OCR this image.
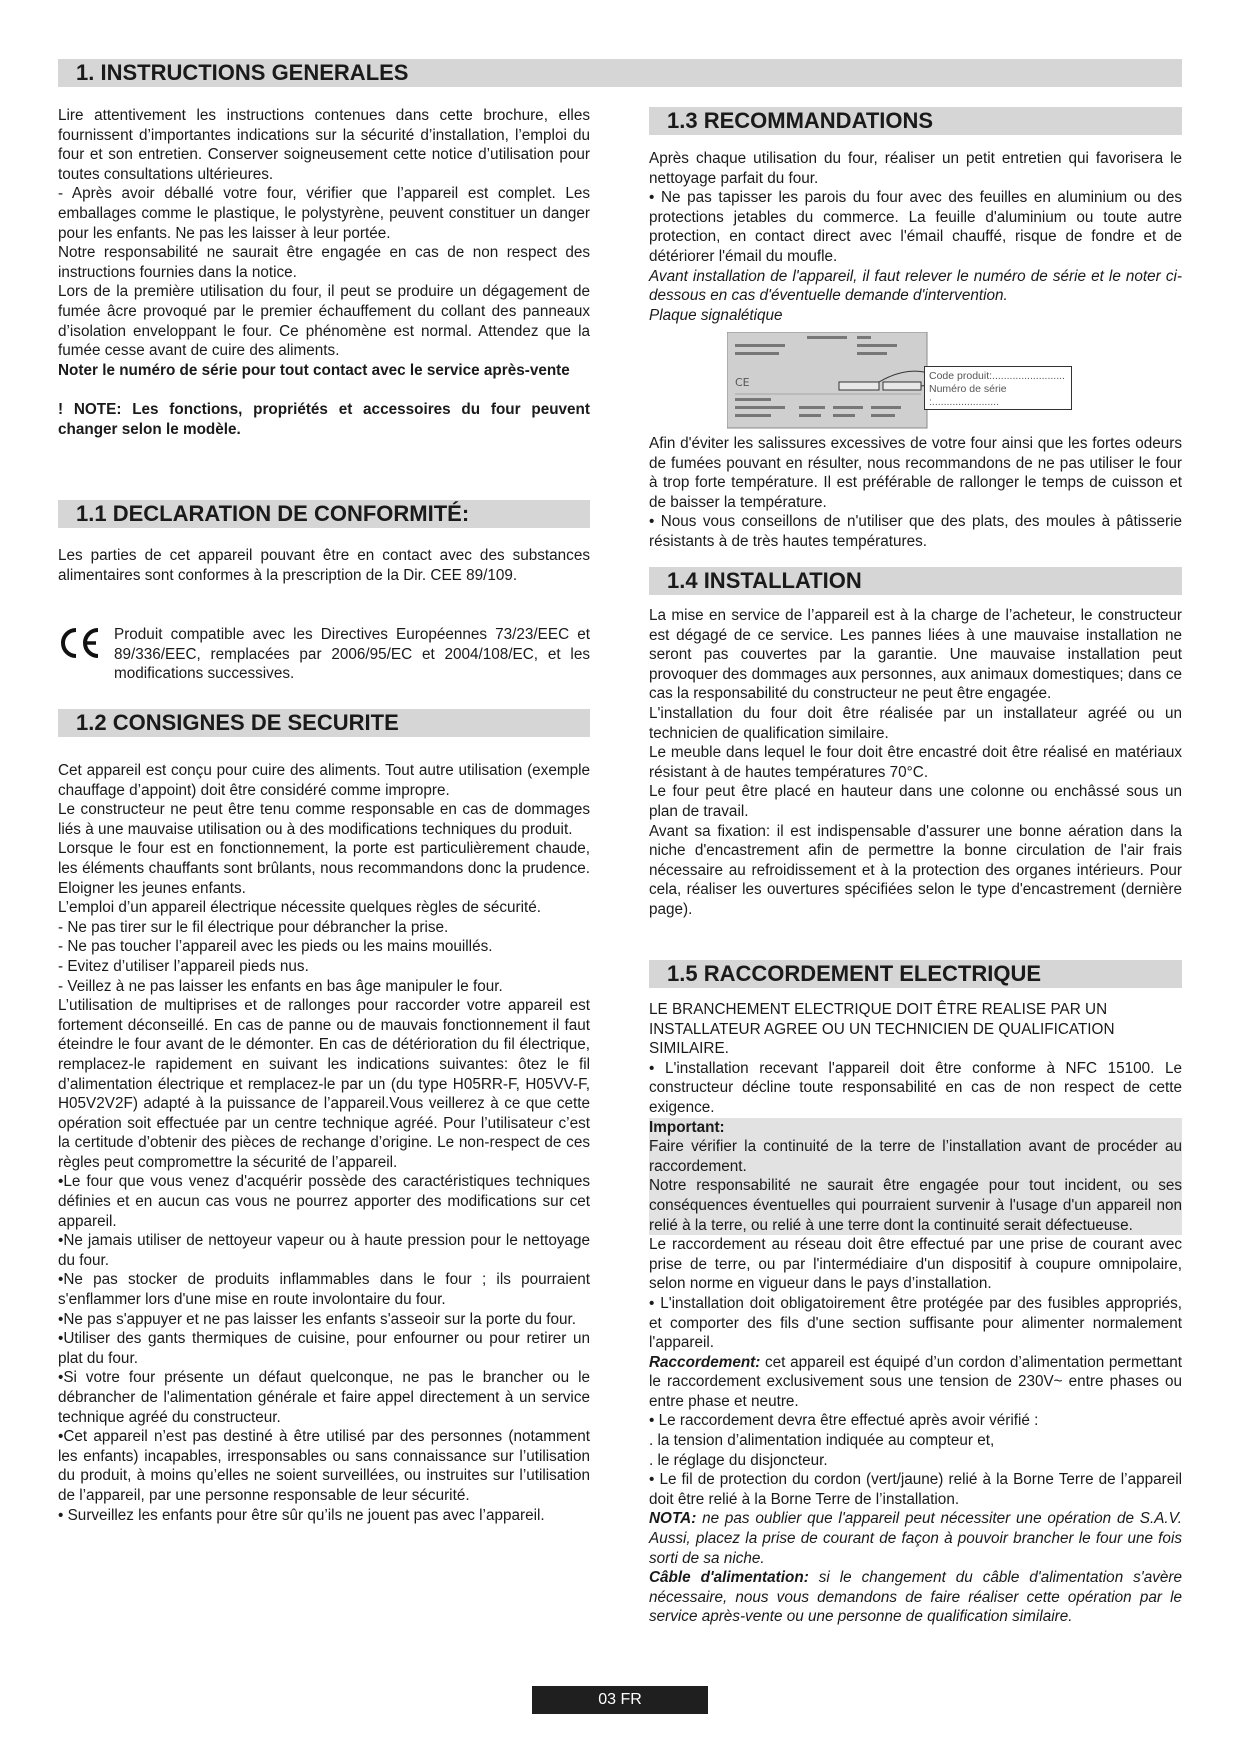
1. INSTRUCTIONS GENERALES
1.1 DECLARATION DE CONFORMITÉ:
1.2 CONSIGNES DE SECURITE
1.3 RECOMMANDATIONS
1.4 INSTALLATION
1.5 RACCORDEMENT ELECTRIQUE

Lire attentivement les instructions contenues dans cette brochure, elles fournissent d’importantes indications sur la sécurité d’installation, l’emploi du four et son entretien. Conserver soigneusement cette notice d’utilisation pour toutes consultations ultérieures.

- Après avoir déballé votre four, vérifier que l’appareil est complet. Les emballages comme le plastique, le polystyrène, peuvent constituer un danger pour les enfants. Ne pas les laisser à leur portée.

Notre responsabilité ne saurait être engagée en cas de non respect des instructions fournies dans la notice.

Lors de la première utilisation du four, il peut se produire un dégagement de fumée âcre provoqué par le premier échauffement du collant des panneaux d’isolation enveloppant le four. Ce phénomène est normal. Attendez que la fumée cesse avant de cuire des aliments.

Noter le numéro de série pour tout contact avec le service après-vente

! NOTE: Les fonctions, propriétés et accessoires du four peuvent changer selon le modèle.

Les parties de cet appareil pouvant être en contact avec des substances alimentaires sont conformes à la prescription de la Dir. CEE 89/109.
Produit compatible avec les Directives Européennes 73/23/EEC et 89/336/EEC, remplacées par 2006/95/EC et 2004/108/EC, et les modifications successives.

Cet appareil est conçu pour cuire des aliments. Tout autre utilisation (exemple chauffage d’appoint) doit être considéré comme impropre.

Le constructeur ne peut être tenu comme responsable en cas de dommages liés à une mauvaise utilisation ou à des modifications techniques du produit.

Lorsque le four est en fonctionnement, la porte est particulièrement chaude, les éléments chauffants sont brûlants, nous recommandons donc la prudence. Eloigner les jeunes enfants.

L’emploi d’un appareil électrique nécessite quelques règles de sécurité.

- Ne pas tirer sur le fil électrique pour débrancher la prise.

- Ne pas toucher l’appareil avec les pieds ou les mains mouillés.

- Evitez d’utiliser l’appareil pieds nus.

- Veillez à ne pas laisser les enfants en bas âge manipuler le four.

L’utilisation de multiprises et de rallonges pour raccorder votre appareil est fortement déconseillé. En cas de panne ou de mauvais fonctionnement il faut éteindre le four avant de le démonter. En cas de détérioration du fil électrique, remplacez-le rapidement en suivant les indications suivantes: ôtez le fil d’alimentation électrique et remplacez-le par un (du type H05RR-F, H05VV-F, H05V2V2F) adapté à la puissance de l’appareil.Vous veillerez à ce que cette opération soit effectuée par un centre technique agréé. Pour l’utilisateur c’est la certitude d’obtenir des pièces de rechange d’origine. Le non-respect de ces règles peut compromettre la sécurité de l’appareil.

•Le four que vous venez d'acquérir possède des caractéristiques techniques définies et en aucun cas vous ne pourrez apporter des modifications sur cet appareil.

•Ne jamais utiliser de nettoyeur vapeur ou à haute pression pour le nettoyage du four.

•Ne pas stocker de produits inflammables dans le four ; ils pourraient s'enflammer lors d'une mise en route involontaire du four.

•Ne pas s'appuyer et ne pas laisser les enfants s'asseoir sur la porte du four.

•Utiliser des gants thermiques de cuisine, pour enfourner ou pour retirer un plat du four.

•Si votre four présente un défaut quelconque, ne pas le brancher ou le débrancher de l'alimentation générale et faire appel directement à un service technique agréé du constructeur.

•Cet appareil n’est pas destiné à être utilisé par des personnes (notamment les enfants) incapables, irresponsables ou sans connaissance sur l’utilisation du produit, à moins qu’elles ne soient surveillées, ou instruites sur l’utilisation de l’appareil, par une personne responsable de leur sécurité.

• Surveillez les enfants pour être sûr qu’ils ne jouent pas avec l’appareil.

Après chaque utilisation du four, réaliser un petit entretien qui favorisera le nettoyage parfait du four.

• Ne pas tapisser les parois du four avec des feuilles en aluminium ou des protections jetables du commerce. La feuille d'aluminium ou toute autre protection, en contact direct avec l'émail chauffé, risque de fondre et de détériorer l'émail du moufle.

Avant installation de l'appareil, il faut relever le numéro de série et le noter ci-dessous en cas d'éventuelle demande d'intervention.

Plaque signalétique

CE	Code produit:.........................
Numéro de série :.......................

Afin d'éviter les salissures excessives de votre four ainsi que les fortes odeurs de fumées pouvant en résulter, nous recommandons de ne pas utiliser le four à trop forte température. Il est préférable de rallonger le temps de cuisson et de baisser la température.

• Nous vous conseillons de n'utiliser que des plats, des moules à pâtisserie résistants à de très hautes températures.

La mise en service de l’appareil est à la charge de l’acheteur, le constructeur est dégagé de ce service. Les pannes liées à une mauvaise installation ne seront pas couvertes par la garantie. Une mauvaise installation peut provoquer des dommages aux personnes, aux animaux domestiques; dans ce cas la responsabilité du constructeur ne peut être engagée.

L'installation du four doit être réalisée par un installateur agréé ou un technicien de qualification similaire.

Le meuble dans lequel le four doit être encastré doit être réalisé en matériaux résistant à de hautes températures 70°C.

Le four peut être placé en hauteur dans une colonne ou enchâssé sous un plan de travail.

Avant sa fixation: il est indispensable d'assurer une bonne aération dans la niche d'encastrement afin de permettre la bonne circulation de l'air frais nécessaire au refroidissement et à la protection des organes intérieurs. Pour cela, réaliser les ouvertures spécifiées selon le type d'encastrement (dernière page).

LE BRANCHEMENT ELECTRIQUE DOIT ÊTRE REALISE PAR UN INSTALLATEUR AGREE OU UN TECHNICIEN DE QUALIFICATION SIMILAIRE.

• L'installation recevant l'appareil doit être conforme à NFC 15100. Le constructeur décline toute responsabilité en cas de non respect de cette exigence.

Important:

Faire vérifier la continuité de la terre de l’installation avant de procéder au raccordement.

Notre responsabilité ne saurait être engagée pour tout incident, ou ses conséquences éventuelles qui pourraient survenir à l'usage d'un appareil non relié à la terre, ou relié à une terre dont la continuité serait défectueuse.

Le raccordement au réseau doit être effectué par une prise de courant avec prise de terre, ou par l'intermédiaire d'un dispositif à coupure omnipolaire, selon norme en vigueur dans le pays d’installation.

• L'installation doit obligatoirement être protégée par des fusibles appropriés, et comporter des fils d'une section suffisante pour alimenter normalement l'appareil.

Raccordement: cet appareil est équipé d’un cordon d’alimentation permettant le raccordement exclusivement sous une tension de 230V~ entre phases ou entre phase et neutre.

• Le raccordement devra être effectué après avoir vérifié :

. la tension d’alimentation indiquée au compteur et,

. le réglage du disjoncteur.

• Le fil de protection du cordon (vert/jaune) relié à la Borne Terre de l’appareil doit être relié à la Borne Terre de l’installation.

NOTA: ne pas oublier que l'appareil peut nécessiter une opération de S.A.V. Aussi, placez la prise de courant de façon à pouvoir brancher le four une fois sorti de sa niche.

Câble d'alimentation: si le changement du câble d'alimentation s'avère nécessaire, nous vous demandons de faire réaliser cette opération par le service après-vente ou une personne de qualification similaire.

03 FR
